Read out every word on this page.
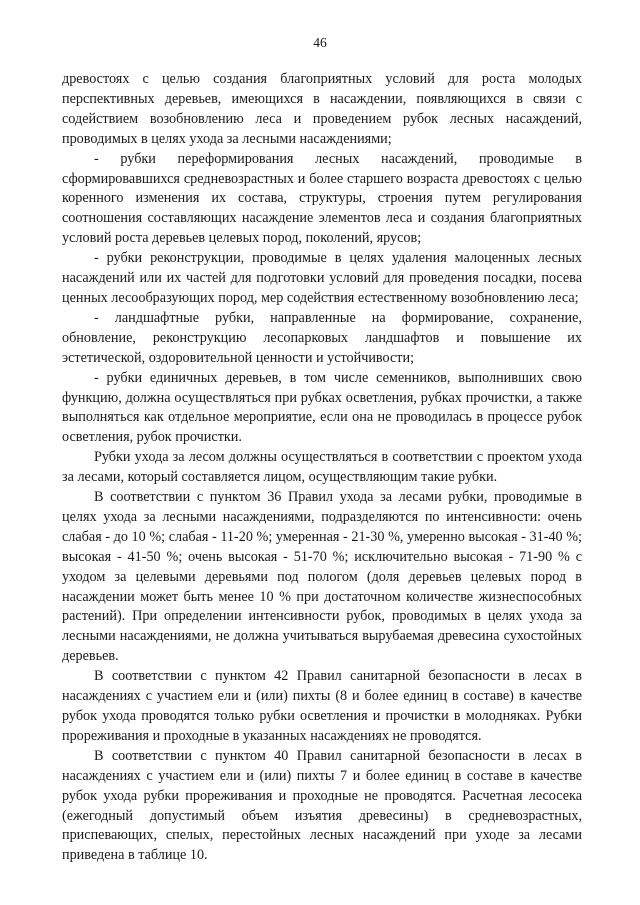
46

древостоях с целью создания благоприятных условий для роста молодых перспективных деревьев, имеющихся в насаждении, появляющихся в связи с содействием возобновлению леса и проведением рубок лесных насаждений, проводимых в целях ухода за лесными насаждениями;

- рубки переформирования лесных насаждений, проводимые в сформировавшихся средневозрастных и более старшего возраста древостоях с целью коренного изменения их состава, структуры, строения путем регулирования соотношения составляющих насаждение элементов леса и создания благоприятных условий роста деревьев целевых пород, поколений, ярусов;

- рубки реконструкции, проводимые в целях удаления малоценных лесных насаждений или их частей для подготовки условий для проведения посадки, посева ценных лесообразующих пород, мер содействия естественному возобновлению леса;

- ландшафтные рубки, направленные на формирование, сохранение, обновление, реконструкцию лесопарковых ландшафтов и повышение их эстетической, оздоровительной ценности и устойчивости;

- рубки единичных деревьев, в том числе семенников, выполнивших свою функцию, должна осуществляться при рубках осветления, рубках прочистки, а также выполняться как отдельное мероприятие, если она не проводилась в процессе рубок осветления, рубок прочистки.

Рубки ухода за лесом должны осуществляться в соответствии с проектом ухода за лесами, который составляется лицом, осуществляющим такие рубки.

В соответствии с пунктом 36 Правил ухода за лесами рубки, проводимые в целях ухода за лесными насаждениями, подразделяются по интенсивности: очень слабая - до 10 %; слабая - 11-20 %; умеренная - 21-30 %, умеренно высокая - 31-40 %; высокая - 41-50 %; очень высокая - 51-70 %; исключительно высокая - 71-90 % с уходом за целевыми деревьями под пологом (доля деревьев целевых пород в насаждении может быть менее 10 % при достаточном количестве жизнеспособных растений). При определении интенсивности рубок, проводимых в целях ухода за лесными насаждениями, не должна учитываться вырубаемая древесина сухостойных деревьев.

В соответствии с пунктом 42 Правил санитарной безопасности в лесах в насаждениях с участием ели и (или) пихты (8 и более единиц в составе) в качестве рубок ухода проводятся только рубки осветления и прочистки в молодняках. Рубки прореживания и проходные в указанных насаждениях не проводятся.

В соответствии с пунктом 40 Правил санитарной безопасности в лесах в насаждениях с участием ели и (или) пихты 7 и более единиц в составе в качестве рубок ухода рубки прореживания и проходные не проводятся. Расчетная лесосека (ежегодный допустимый объем изъятия древесины) в средневозрастных, приспевающих, спелых, перестойных лесных насаждений при уходе за лесами приведена в таблице 10.
